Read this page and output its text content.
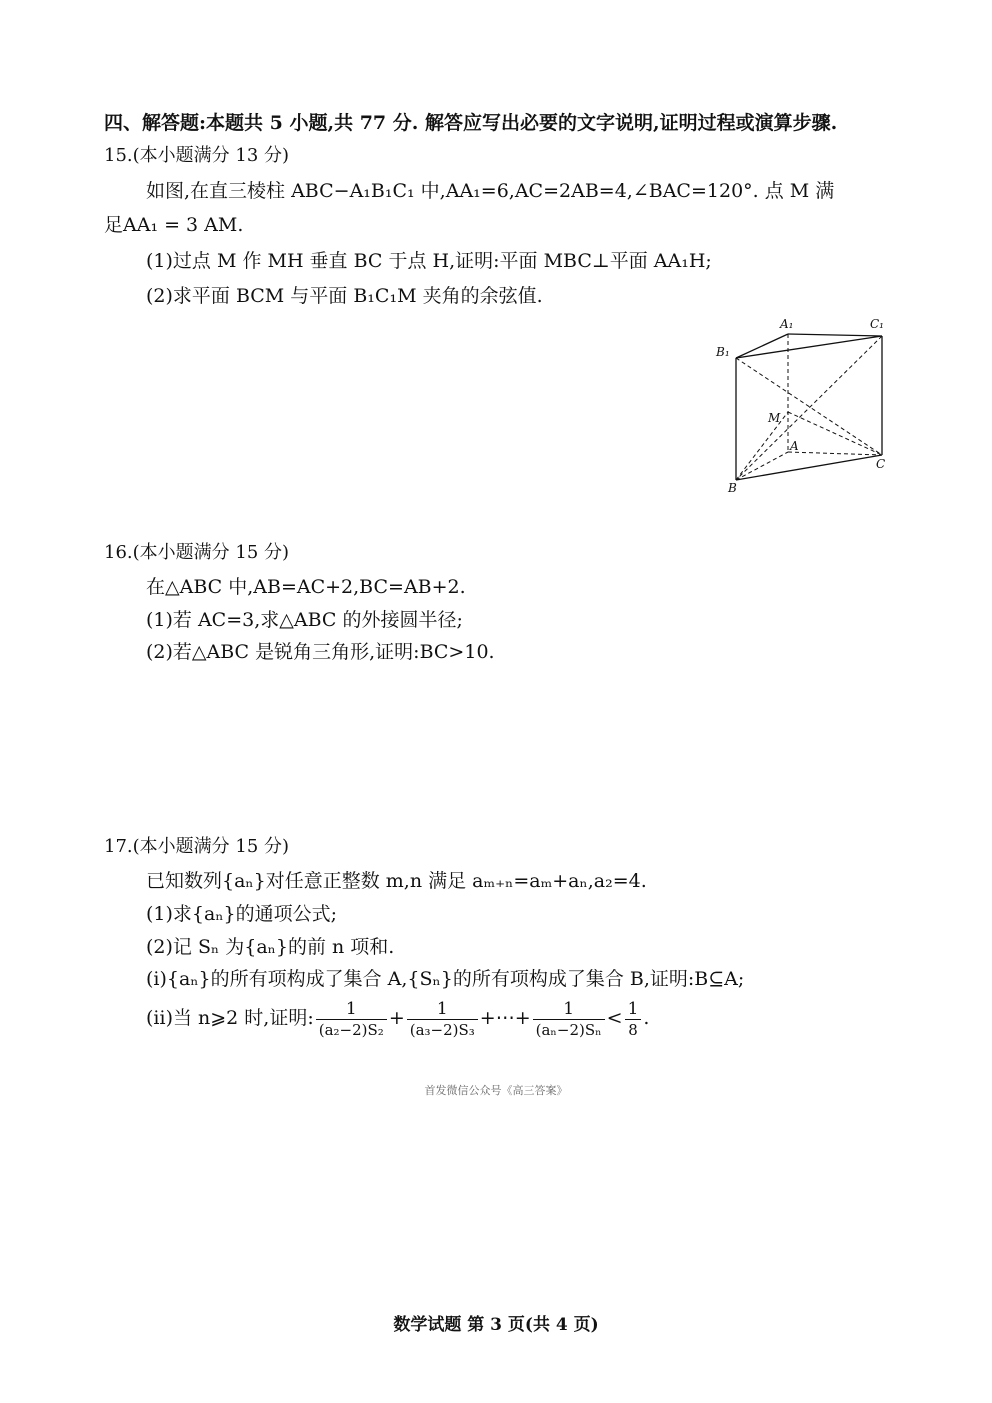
四、解答题:本题共 5 小题,共 77 分. 解答应写出必要的文字说明,证明过程或演算步骤.
15.(本小题满分 13 分)
如图,在直三棱柱 ABC−A₁B₁C₁ 中,AA₁=6,AC=2AB=4,∠BAC=120°. 点 M 满
足AA₁ = 3 AM.
(1)过点 M 作 MH 垂直 BC 于点 H,证明:平面 MBC⊥平面 AA₁H;
(2)求平面 BCM 与平面 B₁C₁M 夹角的余弦值.
A₁	C₁
B₁
M
A
C
B
16.(本小题满分 15 分)
在△ABC 中,AB=AC+2,BC=AB+2.
(1)若 AC=3,求△ABC 的外接圆半径;
(2)若△ABC 是锐角三角形,证明:BC>10.
17.(本小题满分 15 分)
已知数列{aₙ}对任意正整数 m,n 满足 aₘ₊ₙ=aₘ+aₙ,a₂=4.
(1)求{aₙ}的通项公式;
(2)记 Sₙ 为{aₙ}的前 n 项和.
(ⅰ){aₙ}的所有项构成了集合 A,{Sₙ}的所有项构成了集合 B,证明:B⊆A;
(ⅱ)当 n⩾2 时,证明: $\frac{1}{\text{(a₂−2)S₂}} + \frac{1}{\text{(a₃−2)S₃}}$ +⋯+ $\frac{1}{\text{(aₙ−2)Sₙ}} < \frac{1}{8}$ .
首发微信公众号《高三答案》
数学试题 第 3 页(共 4 页)
